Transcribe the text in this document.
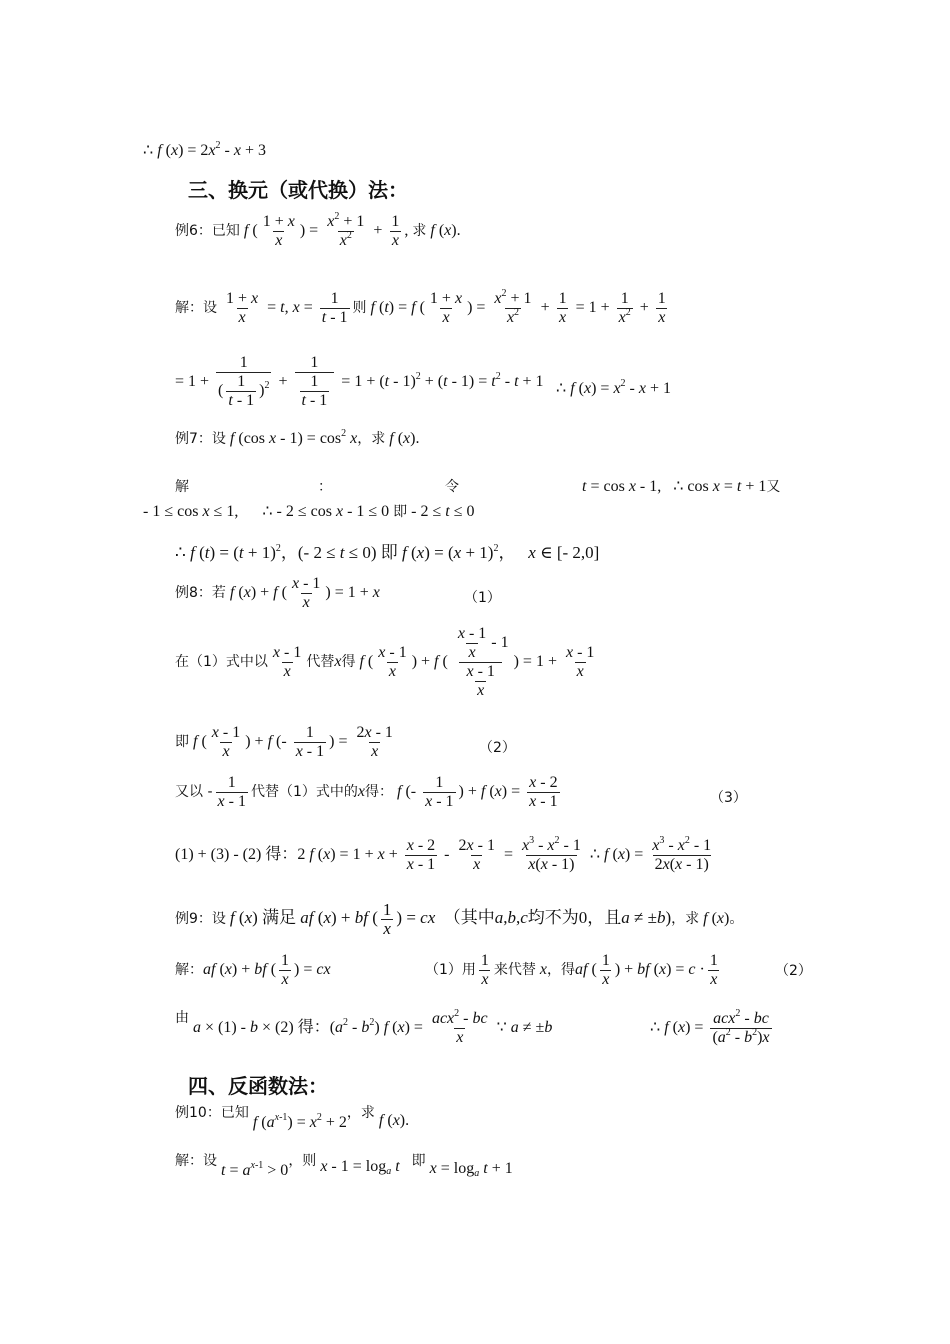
∴ f $(x) = 2x^2 - x + 3$
三、换元（或代换）法：
例6：已知 f ( $\frac{1 + x}{x}$ ) = $\frac{x^2 + 1}{x^2} + \frac{1}{x}$ , 求 f (x).
解：设 $\frac{1 + x}{x} = t$, $x = \frac{1}{t - 1}$ 则 f (t) = f ( $\frac{1 + x}{x}$ ) = $\frac{x^2 + 1}{x^2} + \frac{1}{x} = 1 + \frac{1}{x^2} + \frac{1}{x}$
= $1 + \frac{1}{( \frac{1}{t - 1} )^2} + \frac{1}{\frac{1}{t - 1}} = 1 + (t - 1)^2 + (t - 1) = t^2 - t + 1$ ∴ f $(x) = x^2 - x + 1$
例7：设 f (cos $x - 1) = \cos^2 x$，求 f (x).
解	：	令	t = cos x - 1,   ∴ cos x = t + 1又
- 1 ≤ cos x ≤ 1,      ∴ - 2 ≤ cos x - 1 ≤ 0 即 - 2 ≤ t ≤ 0
∴ f $(t) = (t + 1)^2$，(- 2 ≤ t ≤ 0) 即 f $(x) = (x + 1)^2$，   x ∈ [- 2,0]
例8：若 f (x) + f ( $\frac{x - 1}{x}$ ) = 1 + x	（1）
在（1）式中以 $\frac{x - 1}{x}$ 代替x得 f ( $\frac{x - 1}{x}$ ) + f ( $\frac{\frac{x - 1}{x} - 1}{\frac{x - 1}{x}}$ ) = $1 + \frac{x - 1}{x}$
即 f ( $\frac{x - 1}{x}$ ) + f (- $\frac{1}{x - 1}$ ) = $\frac{2x - 1}{x}$	（2）
又以 - $\frac{1}{x - 1}$ 代替（1）式中的x得： f (- $\frac{1}{x - 1}$ ) + f $(x) = \frac{x - 2}{x - 1}$	（3）
(1) + (3) - (2) 得：2 f $(x) = 1 + x + \frac{x - 2}{x - 1} - \frac{2x - 1}{x} = \frac{x^3 - x^2 - 1}{x(x - 1)}$ ∴ f $(x) = \frac{x^3 - x^2 - 1}{2x(x - 1)}$
例9：设 f (x) 满足 af (x) + bf ( $\frac{1}{x}$ ) = cx  （其中a,b,c均不为0，且a ≠ ±b)，求 f (x)。
解：af (x) + bf ( $\frac{1}{x}$ ) = cx	（1）用 $\frac{1}{x}$ 来代替 x，得af ( $\frac{1}{x}$ ) + bf $(x) = c \cdot \frac{1}{x}$	（2）
由 a × (1) - b × (2) 得：$(a^2 - b^2)$ f (x) =
acx$^2$ - bc
x
∵ a ≠ ±b	∴ f (x) =
acx$^2$ - bc
$(a^2 - b^2)x$
四、反函数法：
例10：已知 f $(a^{x-1}) = x^2 + 2$，求 f (x).
解：设 $t = a^{x-1} > 0$，则 $x - 1 = \log_a t$ 即 $x = \log_a t + 1$
